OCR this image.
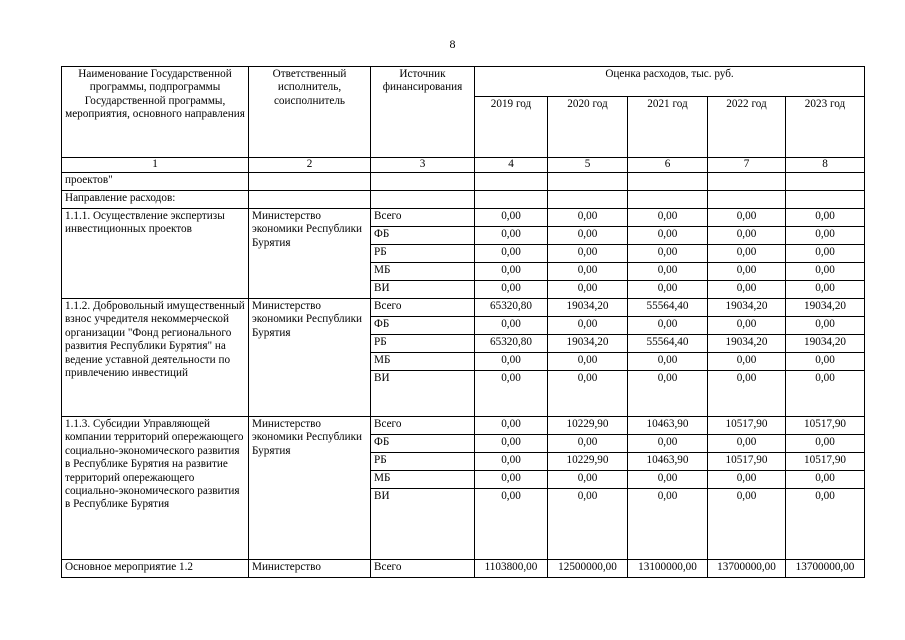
8
Наименование Государственной программы, подпрограммы Государственной программы, мероприятия, основного направления	Ответственный исполнитель, соисполнитель	Источник финансирования	Оценка расходов, тыс. руб.				
			2019 год	2020 год	2021 год	2022 год	2023 год
1	2	3	4	5	6	7	8
проектов"							
Направление расходов:							
1.1.1. Осуществление экспертизы инвестиционных проектов	Министерство экономики Республики Бурятия	Всего	0,00	0,00	0,00	0,00	0,00
		ФБ	0,00	0,00	0,00	0,00	0,00
		РБ	0,00	0,00	0,00	0,00	0,00
		МБ	0,00	0,00	0,00	0,00	0,00
		ВИ	0,00	0,00	0,00	0,00	0,00
1.1.2. Добровольный имущественный взнос учредителя некоммерческой организации "Фонд регионального развития Республики Бурятия" на ведение уставной деятельности по привлечению инвестиций	Министерство экономики Республики Бурятия	Всего	65320,80	19034,20	55564,40	19034,20	19034,20
		ФБ	0,00	0,00	0,00	0,00	0,00
		РБ	65320,80	19034,20	55564,40	19034,20	19034,20
		МБ	0,00	0,00	0,00	0,00	0,00
		ВИ	0,00	0,00	0,00	0,00	0,00
1.1.3. Субсидии Управляющей компании территорий опережающего социально-экономического развития в Республике Бурятия на развитие территорий опережающего социально-экономического развития в Республике Бурятия	Министерство экономики Республики Бурятия	Всего	0,00	10229,90	10463,90	10517,90	10517,90
		ФБ	0,00	0,00	0,00	0,00	0,00
		РБ	0,00	10229,90	10463,90	10517,90	10517,90
		МБ	0,00	0,00	0,00	0,00	0,00
		ВИ	0,00	0,00	0,00	0,00	0,00
Основное мероприятие 1.2	Министерство	Всего	1103800,00	12500000,00	13100000,00	13700000,00	13700000,00
